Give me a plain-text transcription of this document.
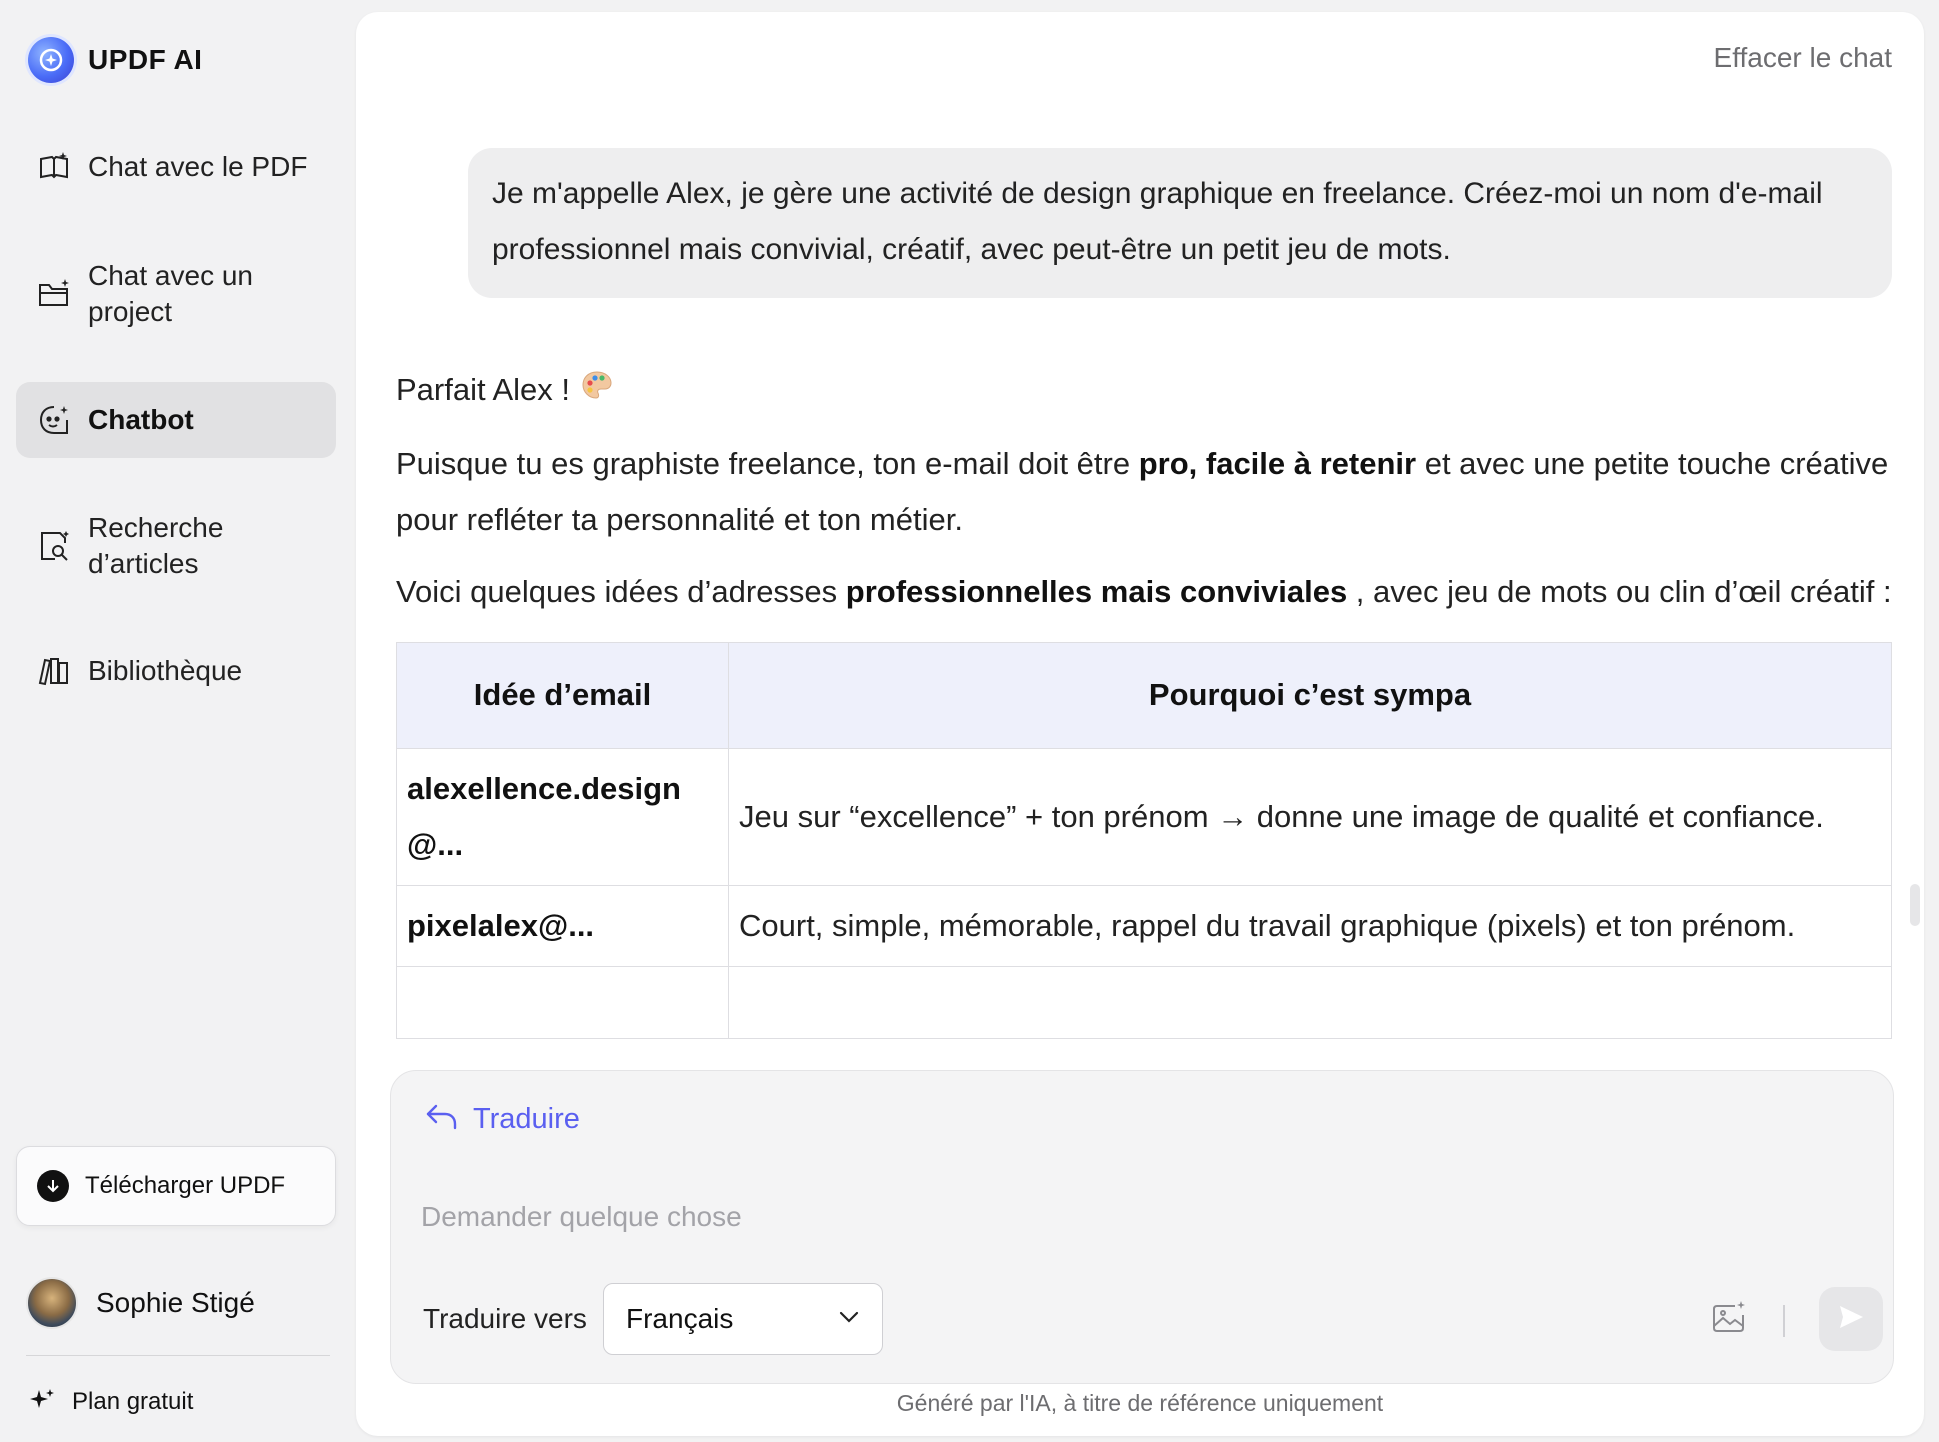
UPDF AI
Chat avec le PDF
Chat avec un project
Chatbot
Recherche d’articles
Bibliothèque
Télécharger UPDF
Sophie Stigé
Plan gratuit
Effacer le chat
Je m'appelle Alex, je gère une activité de design graphique en freelance. Créez-moi un nom d'e-mail professionnel mais convivial, créatif, avec peut-être un petit jeu de mots.

Parfait Alex !

Puisque tu es graphiste freelance, ton e-mail doit être pro, facile à retenir et avec une petite touche créative pour refléter ta personnalité et ton métier.

Voici quelques idées d’adresses professionnelles mais conviviales , avec jeu de mots ou clin d’œil créatif :

Idée d’email	Pourquoi c’est sympa
alexellence.design@...	Jeu sur “excellence” + ton prénom → donne une image de qualité et confiance.
pixelalex@...	Court, simple, mémorable, rappel du travail graphique (pixels) et ton prénom.

Traduire
Demander quelque chose
Traduire vers Français
Généré par l'IA, à titre de référence uniquement
